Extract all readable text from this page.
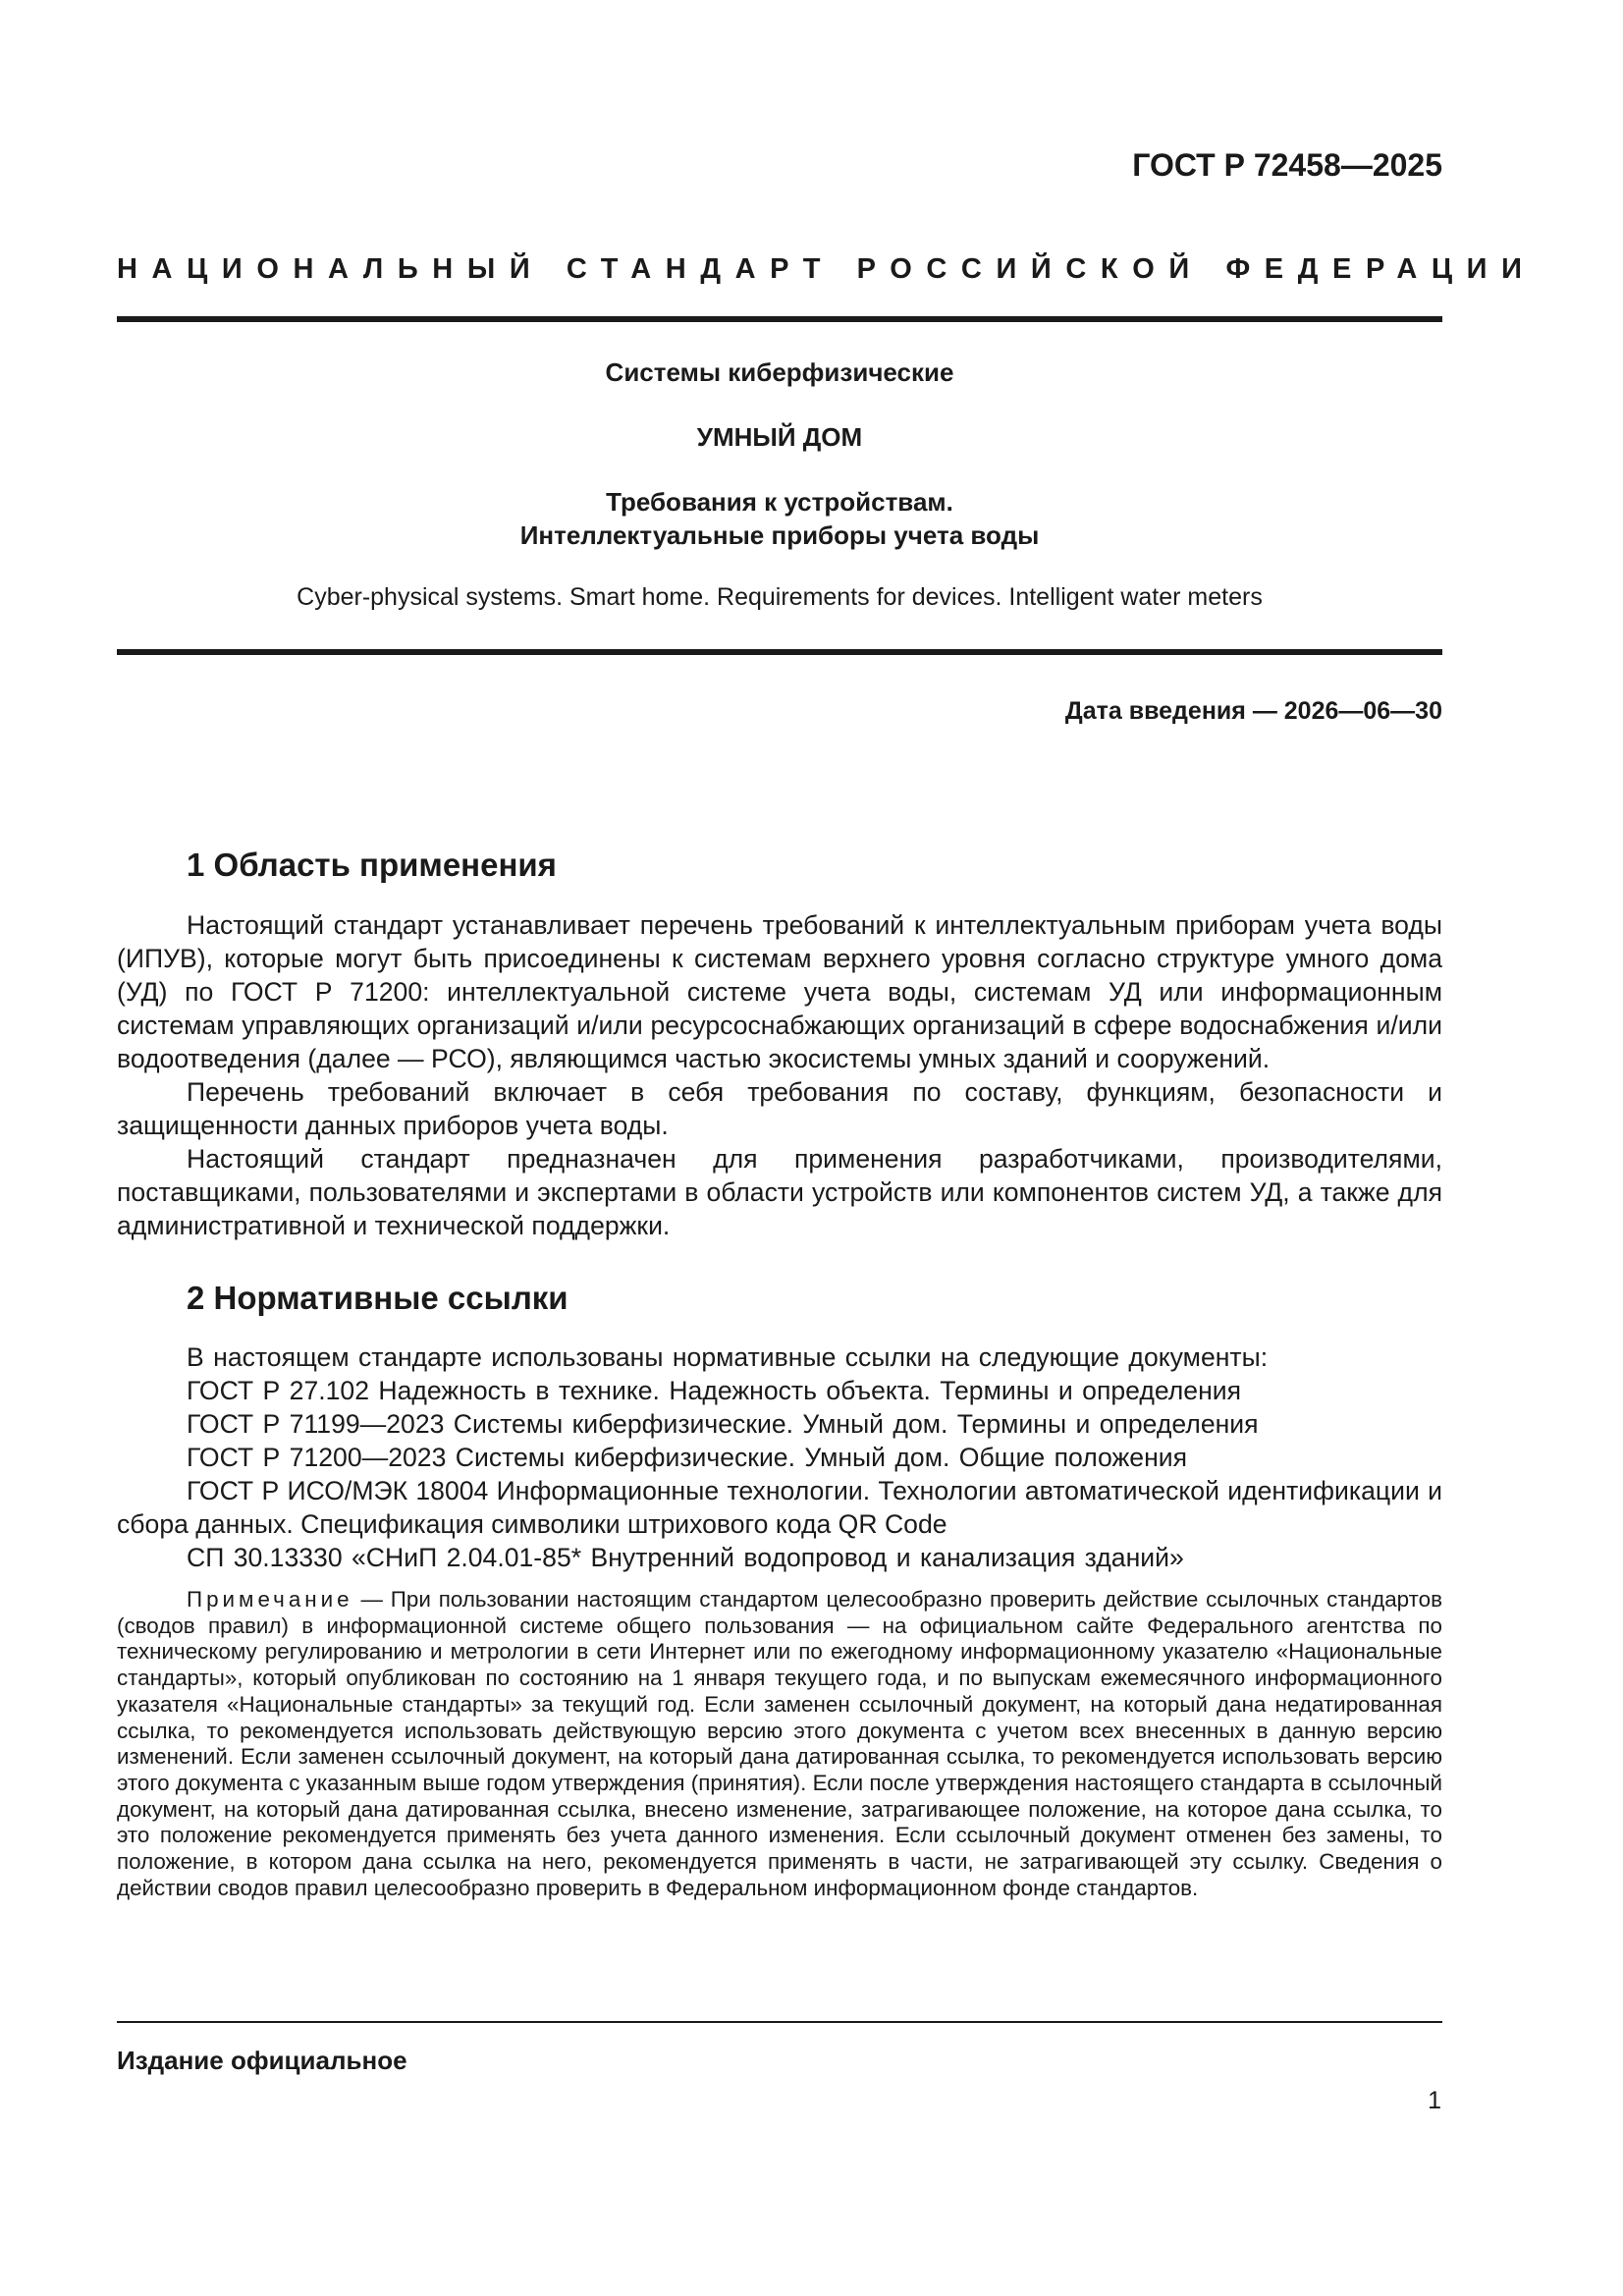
ГОСТ Р 72458—2025
НАЦИОНАЛЬНЫЙ СТАНДАРТ РОССИЙСКОЙ ФЕДЕРАЦИИ
Системы киберфизические
УМНЫЙ ДОМ
Требования к устройствам.
Интеллектуальные приборы учета воды
Cyber-physical systems. Smart home. Requirements for devices. Intelligent water meters
Дата введения — 2026—06—30
1 Область применения

Настоящий стандарт устанавливает перечень требований к интеллектуальным приборам учета воды (ИПУВ), которые могут быть присоединены к системам верхнего уровня согласно структуре умного дома (УД) по ГОСТ Р 71200: интеллектуальной системе учета воды, системам УД или информационным системам управляющих организаций и/или ресурсоснабжающих организаций в сфере водоснабжения и/или водоотведения (далее — РСО), являющимся частью экосистемы умных зданий и сооружений.

Перечень требований включает в себя требования по составу, функциям, безопасности и защищенности данных приборов учета воды.

Настоящий стандарт предназначен для применения разработчиками, производителями, поставщиками, пользователями и экспертами в области устройств или компонентов систем УД, а также для административной и технической поддержки.

2 Нормативные ссылки

В настоящем стандарте использованы нормативные ссылки на следующие документы:

ГОСТ Р 27.102 Надежность в технике. Надежность объекта. Термины и определения

ГОСТ Р 71199—2023 Системы киберфизические. Умный дом. Термины и определения

ГОСТ Р 71200—2023 Системы киберфизические. Умный дом. Общие положения

ГОСТ Р ИСО/МЭК 18004 Информационные технологии. Технологии автоматической идентификации и сбора данных. Спецификация символики штрихового кода QR Code

СП 30.13330 «СНиП 2.04.01-85* Внутренний водопровод и канализация зданий»

Примечание — При пользовании настоящим стандартом целесообразно проверить действие ссылочных стандартов (сводов правил) в информационной системе общего пользования — на официальном сайте Федерального агентства по техническому регулированию и метрологии в сети Интернет или по ежегодному информационному указателю «Национальные стандарты», который опубликован по состоянию на 1 января текущего года, и по выпускам ежемесячного информационного указателя «Национальные стандарты» за текущий год. Если заменен ссылочный документ, на который дана недатированная ссылка, то рекомендуется использовать действующую версию этого документа с учетом всех внесенных в данную версию изменений. Если заменен ссылочный документ, на который дана датированная ссылка, то рекомендуется использовать версию этого документа с указанным выше годом утверждения (принятия). Если после утверждения настоящего стандарта в ссылочный документ, на который дана датированная ссылка, внесено изменение, затрагивающее положение, на которое дана ссылка, то это положение рекомендуется применять без учета данного изменения. Если ссылочный документ отменен без замены, то положение, в котором дана ссылка на него, рекомендуется применять в части, не затрагивающей эту ссылку. Сведения о действии сводов правил целесообразно проверить в Федеральном информационном фонде стандартов.

Издание официальное
1
